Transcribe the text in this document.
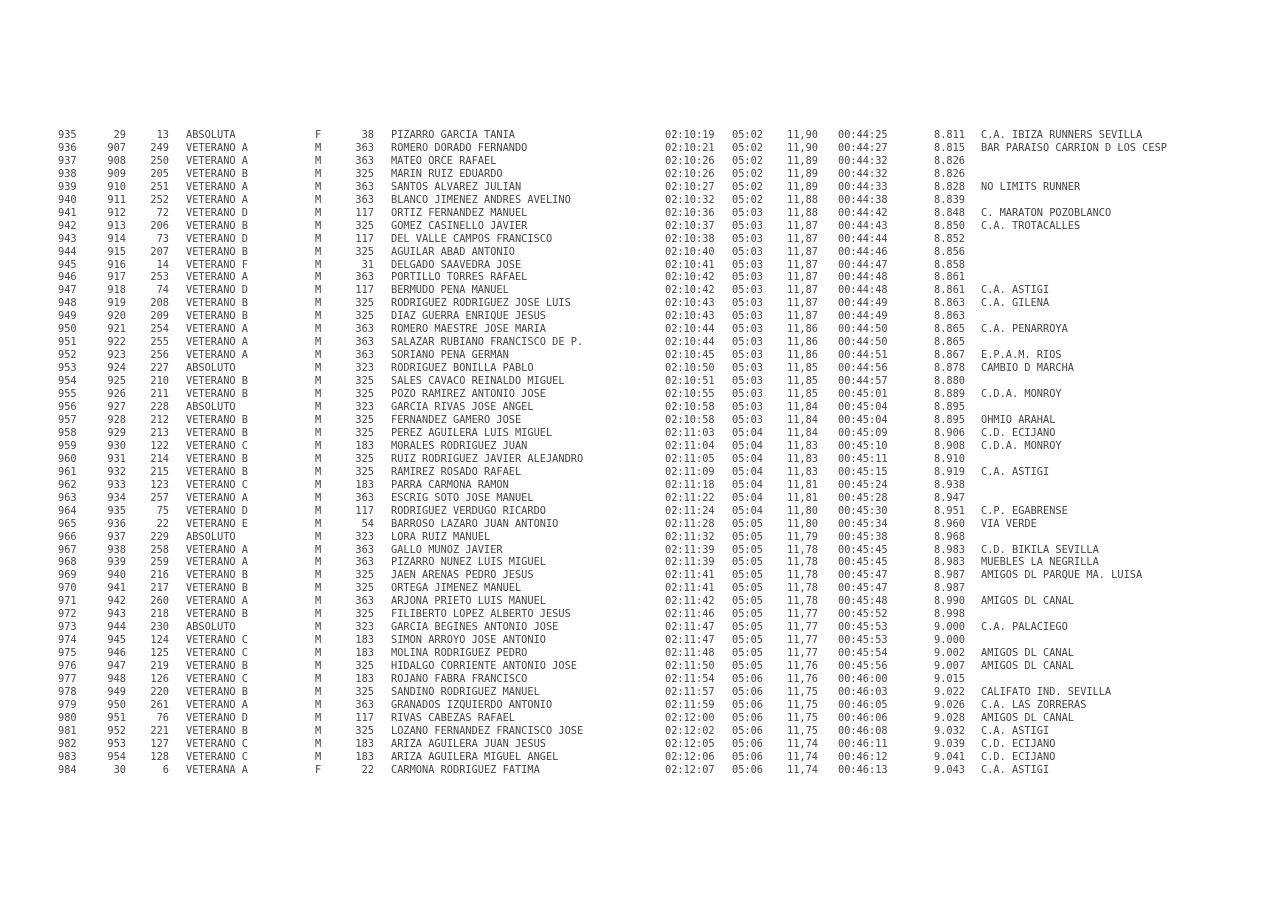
935	29	13	ABSOLUTA	F	38	PIZARRO GARCIA TANIA	02:10:19	05:02	11,90	00:44:25	8.811	C.A. IBIZA RUNNERS SEVILLA
936	907	249	VETERANO A	M	363	ROMERO DORADO FERNANDO	02:10:21	05:02	11,90	00:44:27	8.815	BAR PARAISO CARRION D LOS CESP
937	908	250	VETERANO A	M	363	MATEO ORCE RAFAEL	02:10:26	05:02	11,89	00:44:32	8.826	
938	909	205	VETERANO B	M	325	MARIN RUIZ EDUARDO	02:10:26	05:02	11,89	00:44:32	8.826	
939	910	251	VETERANO A	M	363	SANTOS ALVAREZ JULIAN	02:10:27	05:02	11,89	00:44:33	8.828	NO LIMITS RUNNER
940	911	252	VETERANO A	M	363	BLANCO JIMENEZ ANDRES AVELINO	02:10:32	05:02	11,88	00:44:38	8.839	
941	912	72	VETERANO D	M	117	ORTIZ FERNANDEZ MANUEL	02:10:36	05:03	11,88	00:44:42	8.848	C. MARATON POZOBLANCO
942	913	206	VETERANO B	M	325	GOMEZ CASINELLO JAVIER	02:10:37	05:03	11,87	00:44:43	8.850	C.A. TROTACALLES
943	914	73	VETERANO D	M	117	DEL VALLE CAMPOS FRANCISCO	02:10:38	05:03	11,87	00:44:44	8.852	
944	915	207	VETERANO B	M	325	AGUILAR ABAD ANTONIO	02:10:40	05:03	11,87	00:44:46	8.856	
945	916	14	VETERANO F	M	31	DELGADO SAAVEDRA JOSE	02:10:41	05:03	11,87	00:44:47	8.858	
946	917	253	VETERANO A	M	363	PORTILLO TORRES RAFAEL	02:10:42	05:03	11,87	00:44:48	8.861	
947	918	74	VETERANO D	M	117	BERMUDO PEÑA MANUEL	02:10:42	05:03	11,87	00:44:48	8.861	C.A. ASTIGI
948	919	208	VETERANO B	M	325	RODRIGUEZ RODRIGUEZ JOSE LUIS	02:10:43	05:03	11,87	00:44:49	8.863	C.A. GILENA
949	920	209	VETERANO B	M	325	DIAZ GUERRA ENRIQUE JESUS	02:10:43	05:03	11,87	00:44:49	8.863	
950	921	254	VETERANO A	M	363	ROMERO MAESTRE JOSE MARIA	02:10:44	05:03	11,86	00:44:50	8.865	C.A. PEÑARROYA
951	922	255	VETERANO A	M	363	SALAZAR RUBIANO FRANCISCO DE P.	02:10:44	05:03	11,86	00:44:50	8.865	
952	923	256	VETERANO A	M	363	SORIANO PENA GERMAN	02:10:45	05:03	11,86	00:44:51	8.867	E.P.A.M. RIOS
953	924	227	ABSOLUTO	M	323	RODRIGUEZ BONILLA PABLO	02:10:50	05:03	11,85	00:44:56	8.878	CAMBIO D MARCHA
954	925	210	VETERANO B	M	325	SALES CAVACO REINALDO MIGUEL	02:10:51	05:03	11,85	00:44:57	8.880	
955	926	211	VETERANO B	M	325	POZO RAMIREZ ANTONIO JOSE	02:10:55	05:03	11,85	00:45:01	8.889	C.D.A. MONROY
956	927	228	ABSOLUTO	M	323	GARCIA RIVAS JOSE ANGEL	02:10:58	05:03	11,84	00:45:04	8.895	
957	928	212	VETERANO B	M	325	FERNANDEZ GAMERO JOSE	02:10:58	05:03	11,84	00:45:04	8.895	OHMIO ARAHAL
958	929	213	VETERANO B	M	325	PEREZ AGUILERA LUIS MIGUEL	02:11:03	05:04	11,84	00:45:09	8.906	C.D. ECIJANO
959	930	122	VETERANO C	M	183	MORALES RODRIGUEZ JUAN	02:11:04	05:04	11,83	00:45:10	8.908	C.D.A. MONROY
960	931	214	VETERANO B	M	325	RUIZ RODRIGUEZ JAVIER ALEJANDRO	02:11:05	05:04	11,83	00:45:11	8.910	
961	932	215	VETERANO B	M	325	RAMIREZ ROSADO RAFAEL	02:11:09	05:04	11,83	00:45:15	8.919	C.A. ASTIGI
962	933	123	VETERANO C	M	183	PARRA CARMONA RAMON	02:11:18	05:04	11,81	00:45:24	8.938	
963	934	257	VETERANO A	M	363	ESCRIG SOTO JOSE MANUEL	02:11:22	05:04	11,81	00:45:28	8.947	
964	935	75	VETERANO D	M	117	RODRIGUEZ VERDUGO RICARDO	02:11:24	05:04	11,80	00:45:30	8.951	C.P. EGABRENSE
965	936	22	VETERANO E	M	54	BARROSO LAZARO JUAN ANTONIO	02:11:28	05:05	11,80	00:45:34	8.960	VIA VERDE
966	937	229	ABSOLUTO	M	323	LORA RUIZ MANUEL	02:11:32	05:05	11,79	00:45:38	8.968	
967	938	258	VETERANO A	M	363	GALLO MUÑOZ JAVIER	02:11:39	05:05	11,78	00:45:45	8.983	C.D. BIKILA SEVILLA
968	939	259	VETERANO A	M	363	PIZARRO NUÑEZ LUIS MIGUEL	02:11:39	05:05	11,78	00:45:45	8.983	MUEBLES LA NEGRILLA
969	940	216	VETERANO B	M	325	JAEN ARENAS PEDRO JESUS	02:11:41	05:05	11,78	00:45:47	8.987	AMIGOS DL PARQUE MA. LUISA
970	941	217	VETERANO B	M	325	ORTEGA JIMENEZ MANUEL	02:11:41	05:05	11,78	00:45:47	8.987	
971	942	260	VETERANO A	M	363	ARJONA PRIETO LUIS MANUEL	02:11:42	05:05	11,78	00:45:48	8.990	AMIGOS DL CANAL
972	943	218	VETERANO B	M	325	FILIBERTO LOPEZ ALBERTO JESUS	02:11:46	05:05	11,77	00:45:52	8.998	
973	944	230	ABSOLUTO	M	323	GARCIA BEGINES ANTONIO JOSE	02:11:47	05:05	11,77	00:45:53	9.000	C.A. PALACIEGO
974	945	124	VETERANO C	M	183	SIMON ARROYO JOSE ANTONIO	02:11:47	05:05	11,77	00:45:53	9.000	
975	946	125	VETERANO C	M	183	MOLINA RODRIGUEZ PEDRO	02:11:48	05:05	11,77	00:45:54	9.002	AMIGOS DL CANAL
976	947	219	VETERANO B	M	325	HIDALGO CORRIENTE ANTONIO JOSE	02:11:50	05:05	11,76	00:45:56	9.007	AMIGOS DL CANAL
977	948	126	VETERANO C	M	183	ROJANO FABRA FRANCISCO	02:11:54	05:06	11,76	00:46:00	9.015	
978	949	220	VETERANO B	M	325	SANDINO RODRIGUEZ MANUEL	02:11:57	05:06	11,75	00:46:03	9.022	CALIFATO IND. SEVILLA
979	950	261	VETERANO A	M	363	GRANADOS IZQUIERDO ANTONIO	02:11:59	05:06	11,75	00:46:05	9.026	C.A. LAS ZORRERAS
980	951	76	VETERANO D	M	117	RIVAS CABEZAS RAFAEL	02:12:00	05:06	11,75	00:46:06	9.028	AMIGOS DL CANAL
981	952	221	VETERANO B	M	325	LOZANO FERNANDEZ FRANCISCO JOSE	02:12:02	05:06	11,75	00:46:08	9.032	C.A. ASTIGI
982	953	127	VETERANO C	M	183	ARIZA AGUILERA JUAN JESUS	02:12:05	05:06	11,74	00:46:11	9.039	C.D. ECIJANO
983	954	128	VETERANO C	M	183	ARIZA AGUILERA MIGUEL ANGEL	02:12:06	05:06	11,74	00:46:12	9.041	C.D. ECIJANO
984	30	6	VETERANA A	F	22	CARMONA RODRIGUEZ FATIMA	02:12:07	05:06	11,74	00:46:13	9.043	C.A. ASTIGI
